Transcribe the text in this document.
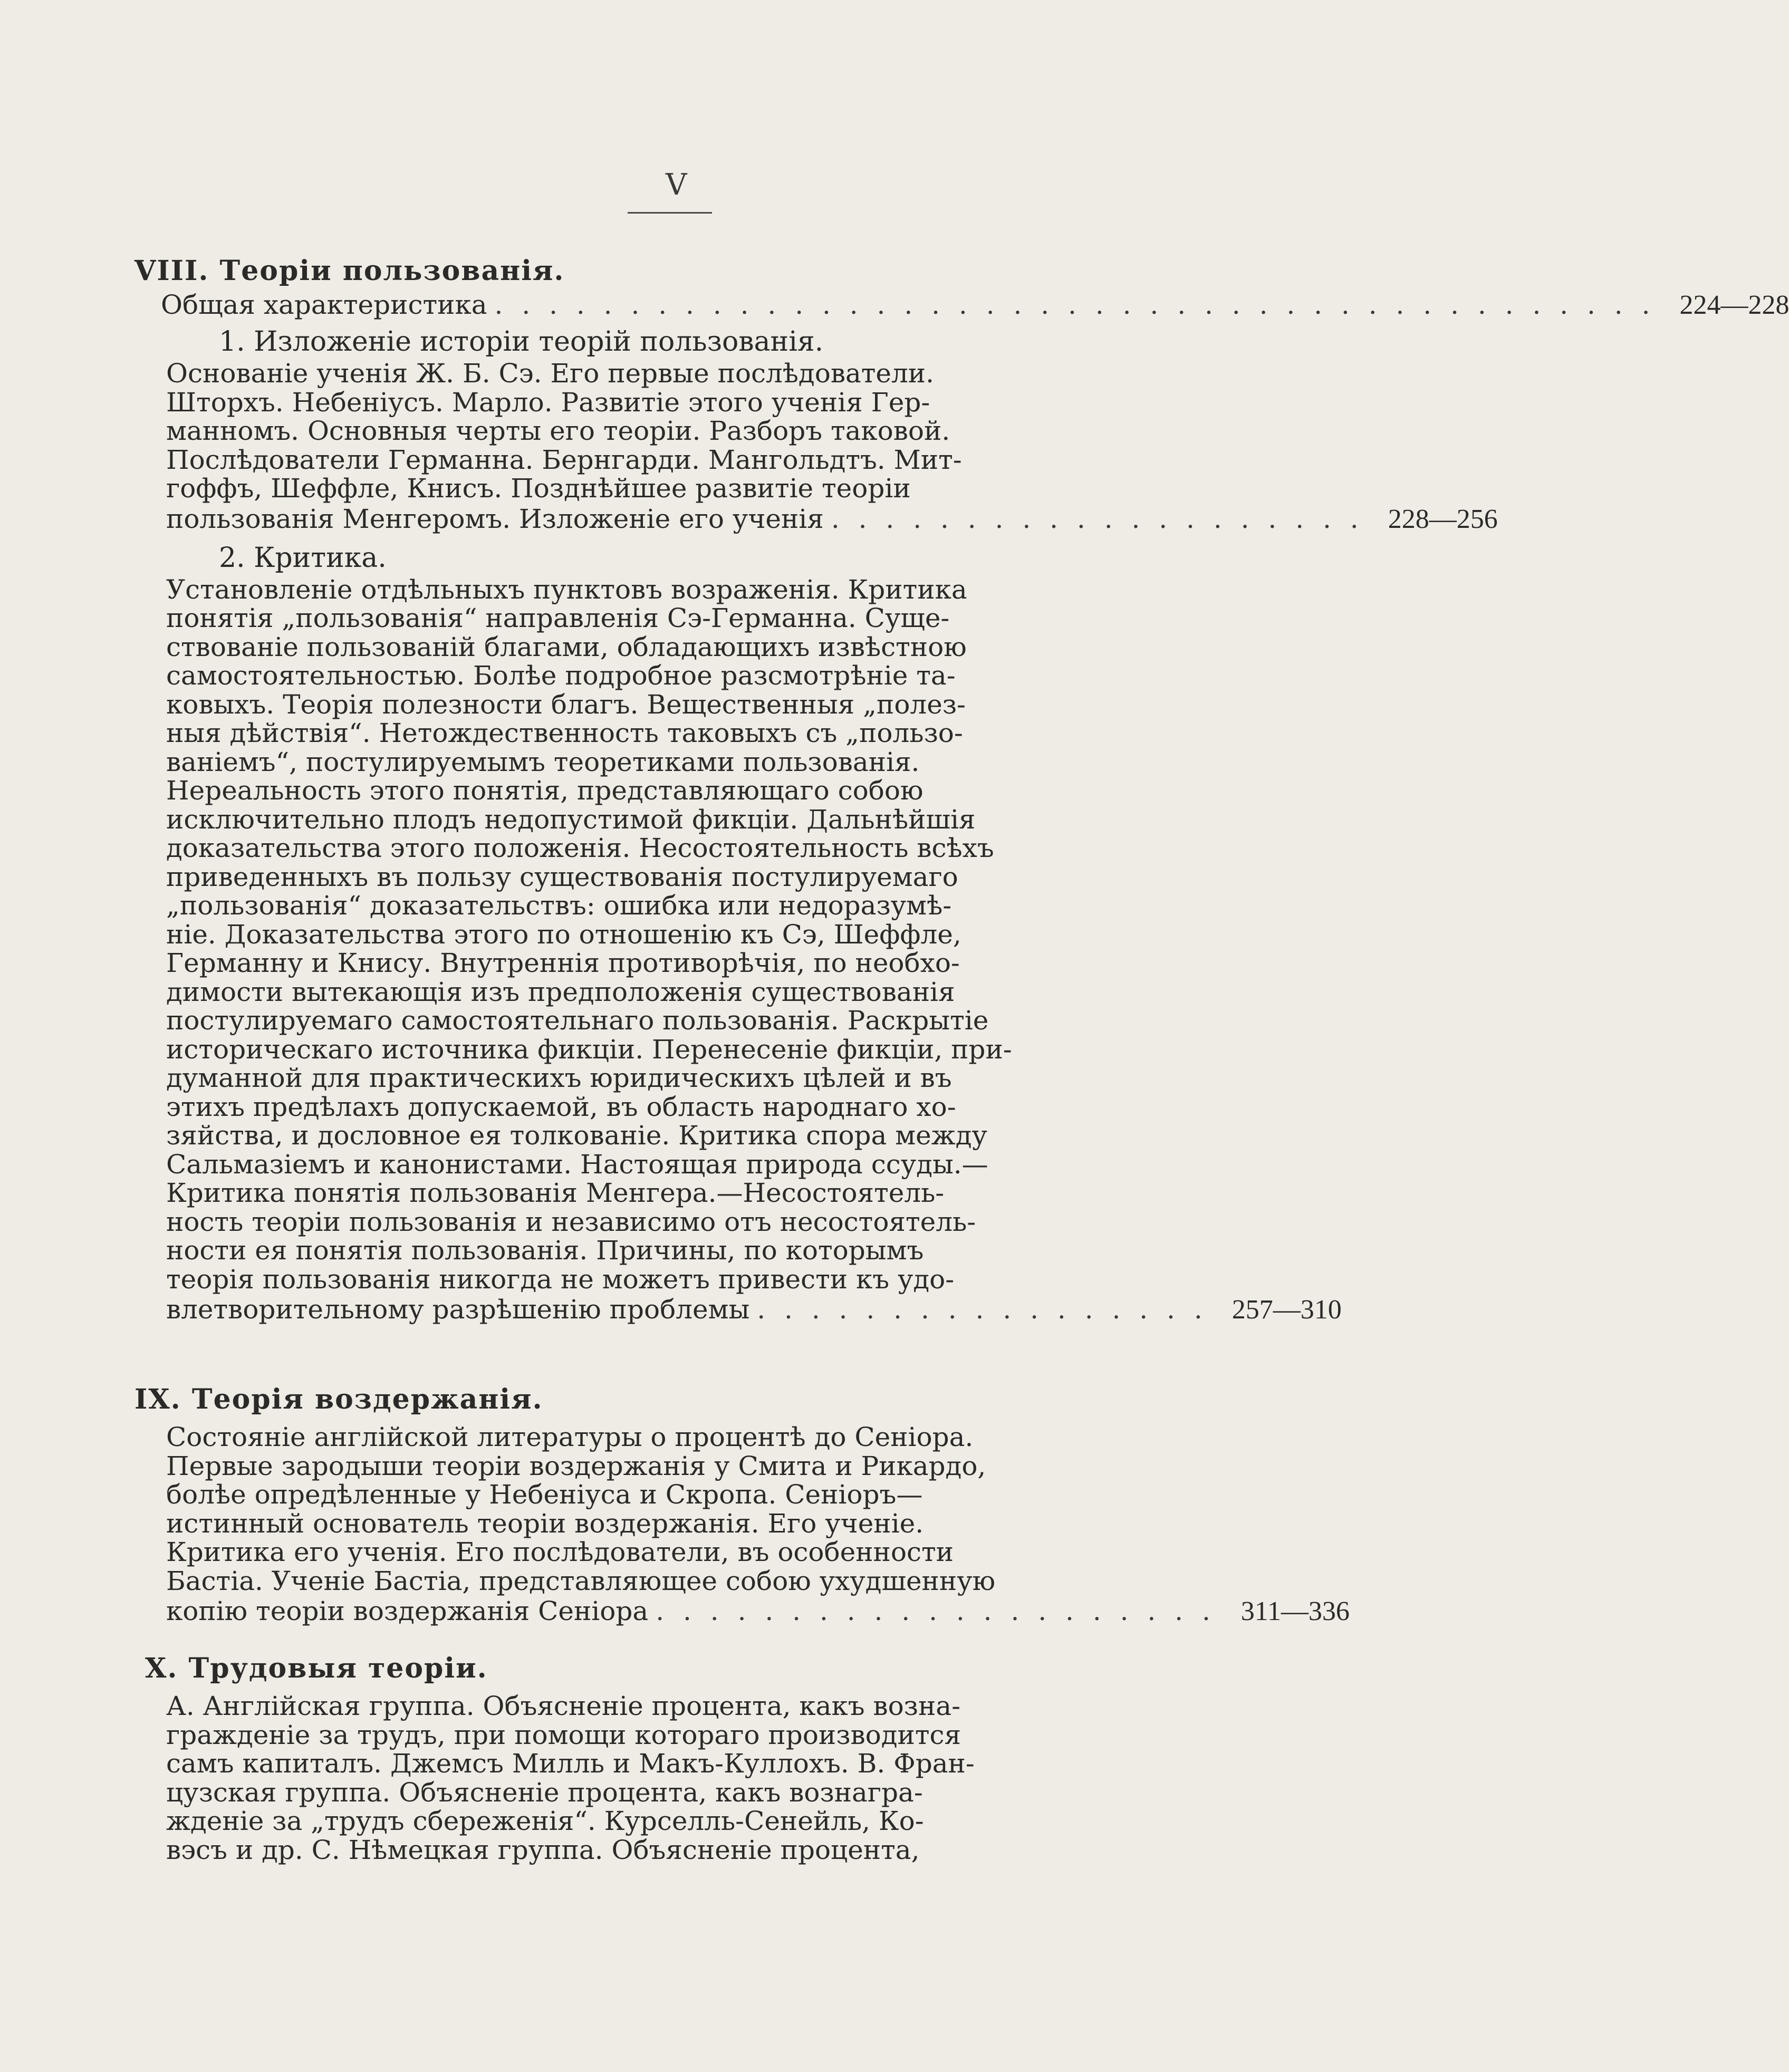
V
VIII. Теоріи пользованія.
Общая характеристика . . . . . . . . . . . . . . . . . . . . . . . . . . . . . . . . . . . . . . . . . . . 224—228
1. Изложеніе исторіи теорій пользованія.
Основаніе ученія Ж. Б. Сэ. Его первые послѣдователи.
Шторхъ. Небеніусъ. Марло. Развитіе этого ученія Гер-
манномъ. Основныя черты его теоріи. Разборъ таковой.
Послѣдователи Германна. Бернгарди. Мангольдтъ. Мит-
гоффъ, Шеффле, Книсъ. Позднѣйшее развитіе теоріи
пользованія Менгеромъ. Изложеніе его ученія . . . . . . . . . . . . . . . . . . . . 228—256
2. Критика.
Установленіе отдѣльныхъ пунктовъ возраженія. Критика
понятія „пользованія“ направленія Сэ-Германна. Суще-
ствованіе пользованій благами, обладающихъ извѣстною
самостоятельностью. Болѣе подробное разсмотрѣніе та-
ковыхъ. Теорія полезности благъ. Вещественныя „полез-
ныя дѣйствія“. Нетождественность таковыхъ съ „пользо-
ваніемъ“, постулируемымъ теоретиками пользованія.
Нереальность этого понятія, представляющаго собою
исключительно плодъ недопустимой фикціи. Дальнѣйшія
доказательства этого положенія. Несостоятельность всѣхъ
приведенныхъ въ пользу существованія постулируемаго
„пользованія“ доказательствъ: ошибка или недоразумѣ-
ніе. Доказательства этого по отношенію къ Сэ, Шеффле,
Германну и Кнису. Внутреннія противорѣчія, по необхо-
димости вытекающія изъ предположенія существованія
постулируемаго самостоятельнаго пользованія. Раскрытіе
историческаго источника фикціи. Перенесеніе фикціи, при-
думанной для практическихъ юридическихъ цѣлей и въ
этихъ предѣлахъ допускаемой, въ область народнаго хо-
зяйства, и дословное ея толкованіе. Критика спора между
Сальмазіемъ и канонистами. Настоящая природа ссуды.—
Критика понятія пользованія Менгера.—Несостоятель-
ность теоріи пользованія и независимо отъ несостоятель-
ности ея понятія пользованія. Причины, по которымъ
теорія пользованія никогда не можетъ привести къ удо-
влетворительному разрѣшенію проблемы . . . . . . . . . . . . . . . . . 257—310
IX. Теорія воздержанія.
Состояніе англійской литературы о процентѣ до Сеніора.
Первые зародыши теоріи воздержанія у Смита и Рикардо,
болѣе опредѣленные у Небеніуса и Скропа. Сеніоръ—
истинный основатель теоріи воздержанія. Его ученіе.
Критика его ученія. Его послѣдователи, въ особенности
Бастіа. Ученіе Бастіа, представляющее собою ухудшенную
копію теоріи воздержанія Сеніора . . . . . . . . . . . . . . . . . . . . . 311—336
X. Трудовыя теоріи.
А. Англійская группа. Объясненіе процента, какъ возна-
гражденіе за трудъ, при помощи котораго производится
самъ капиталъ. Джемсъ Милль и Макъ-Куллохъ. В. Фран-
цузская группа. Объясненіе процента, какъ вознагра-
жденіе за „трудъ сбереженія“. Курселль-Сенейль, Ко-
вэсъ и др. С. Нѣмецкая группа. Объясненіе процента,
